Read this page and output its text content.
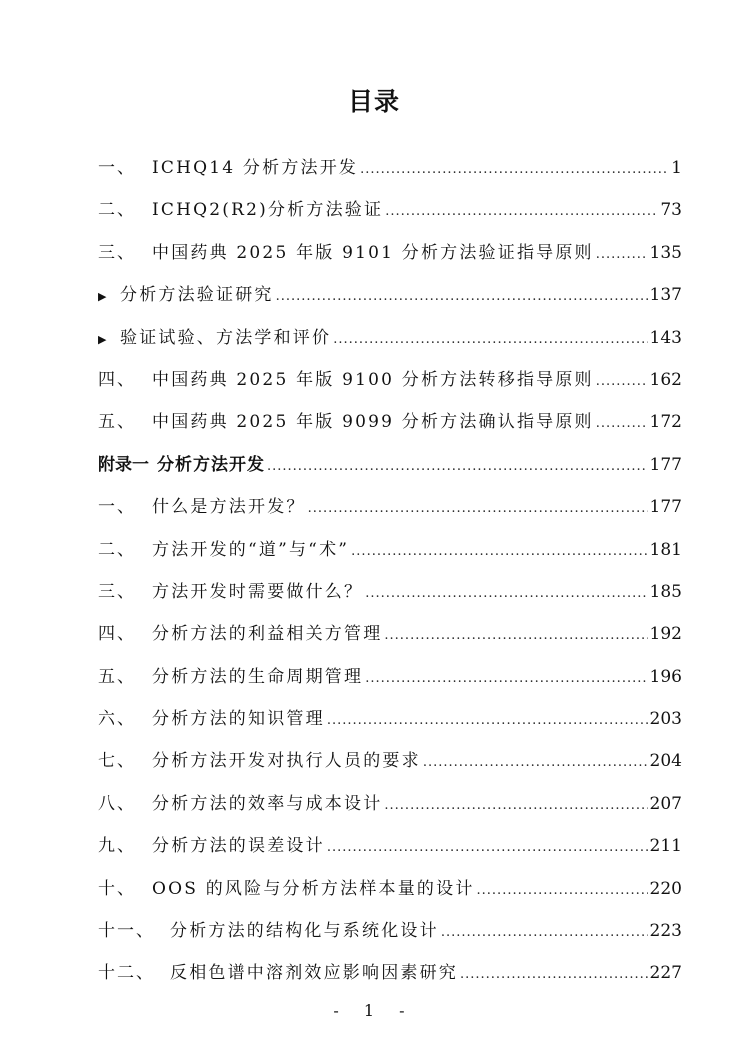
目录
一、 ICHQ14 分析方法开发 .....	1
二、 ICHQ2(R2)分析方法验证 .....	73
三、 中国药典 2025 年版 9101 分析方法验证指导原则 .....	135
▶ 分析方法验证研究 .....	137
▶ 验证试验、方法学和评价 .....	143
四、 中国药典 2025 年版 9100 分析方法转移指导原则 .....	162
五、 中国药典 2025 年版 9099 分析方法确认指导原则 .....	172
附录一 分析方法开发 .....	177
一、 什么是方法开发？ .....	177
二、 方法开发的“道”与“术” .....	181
三、 方法开发时需要做什么？ .....	185
四、 分析方法的利益相关方管理 .....	192
五、 分析方法的生命周期管理 .....	196
六、 分析方法的知识管理 .....	203
七、 分析方法开发对执行人员的要求 .....	204
八、 分析方法的效率与成本设计 .....	207
九、 分析方法的误差设计 .....	211
十、 OOS 的风险与分析方法样本量的设计 .....	220
十一、 分析方法的结构化与系统化设计 .....	223
十二、 反相色谱中溶剂效应影响因素研究 .....	227
- 1 -
